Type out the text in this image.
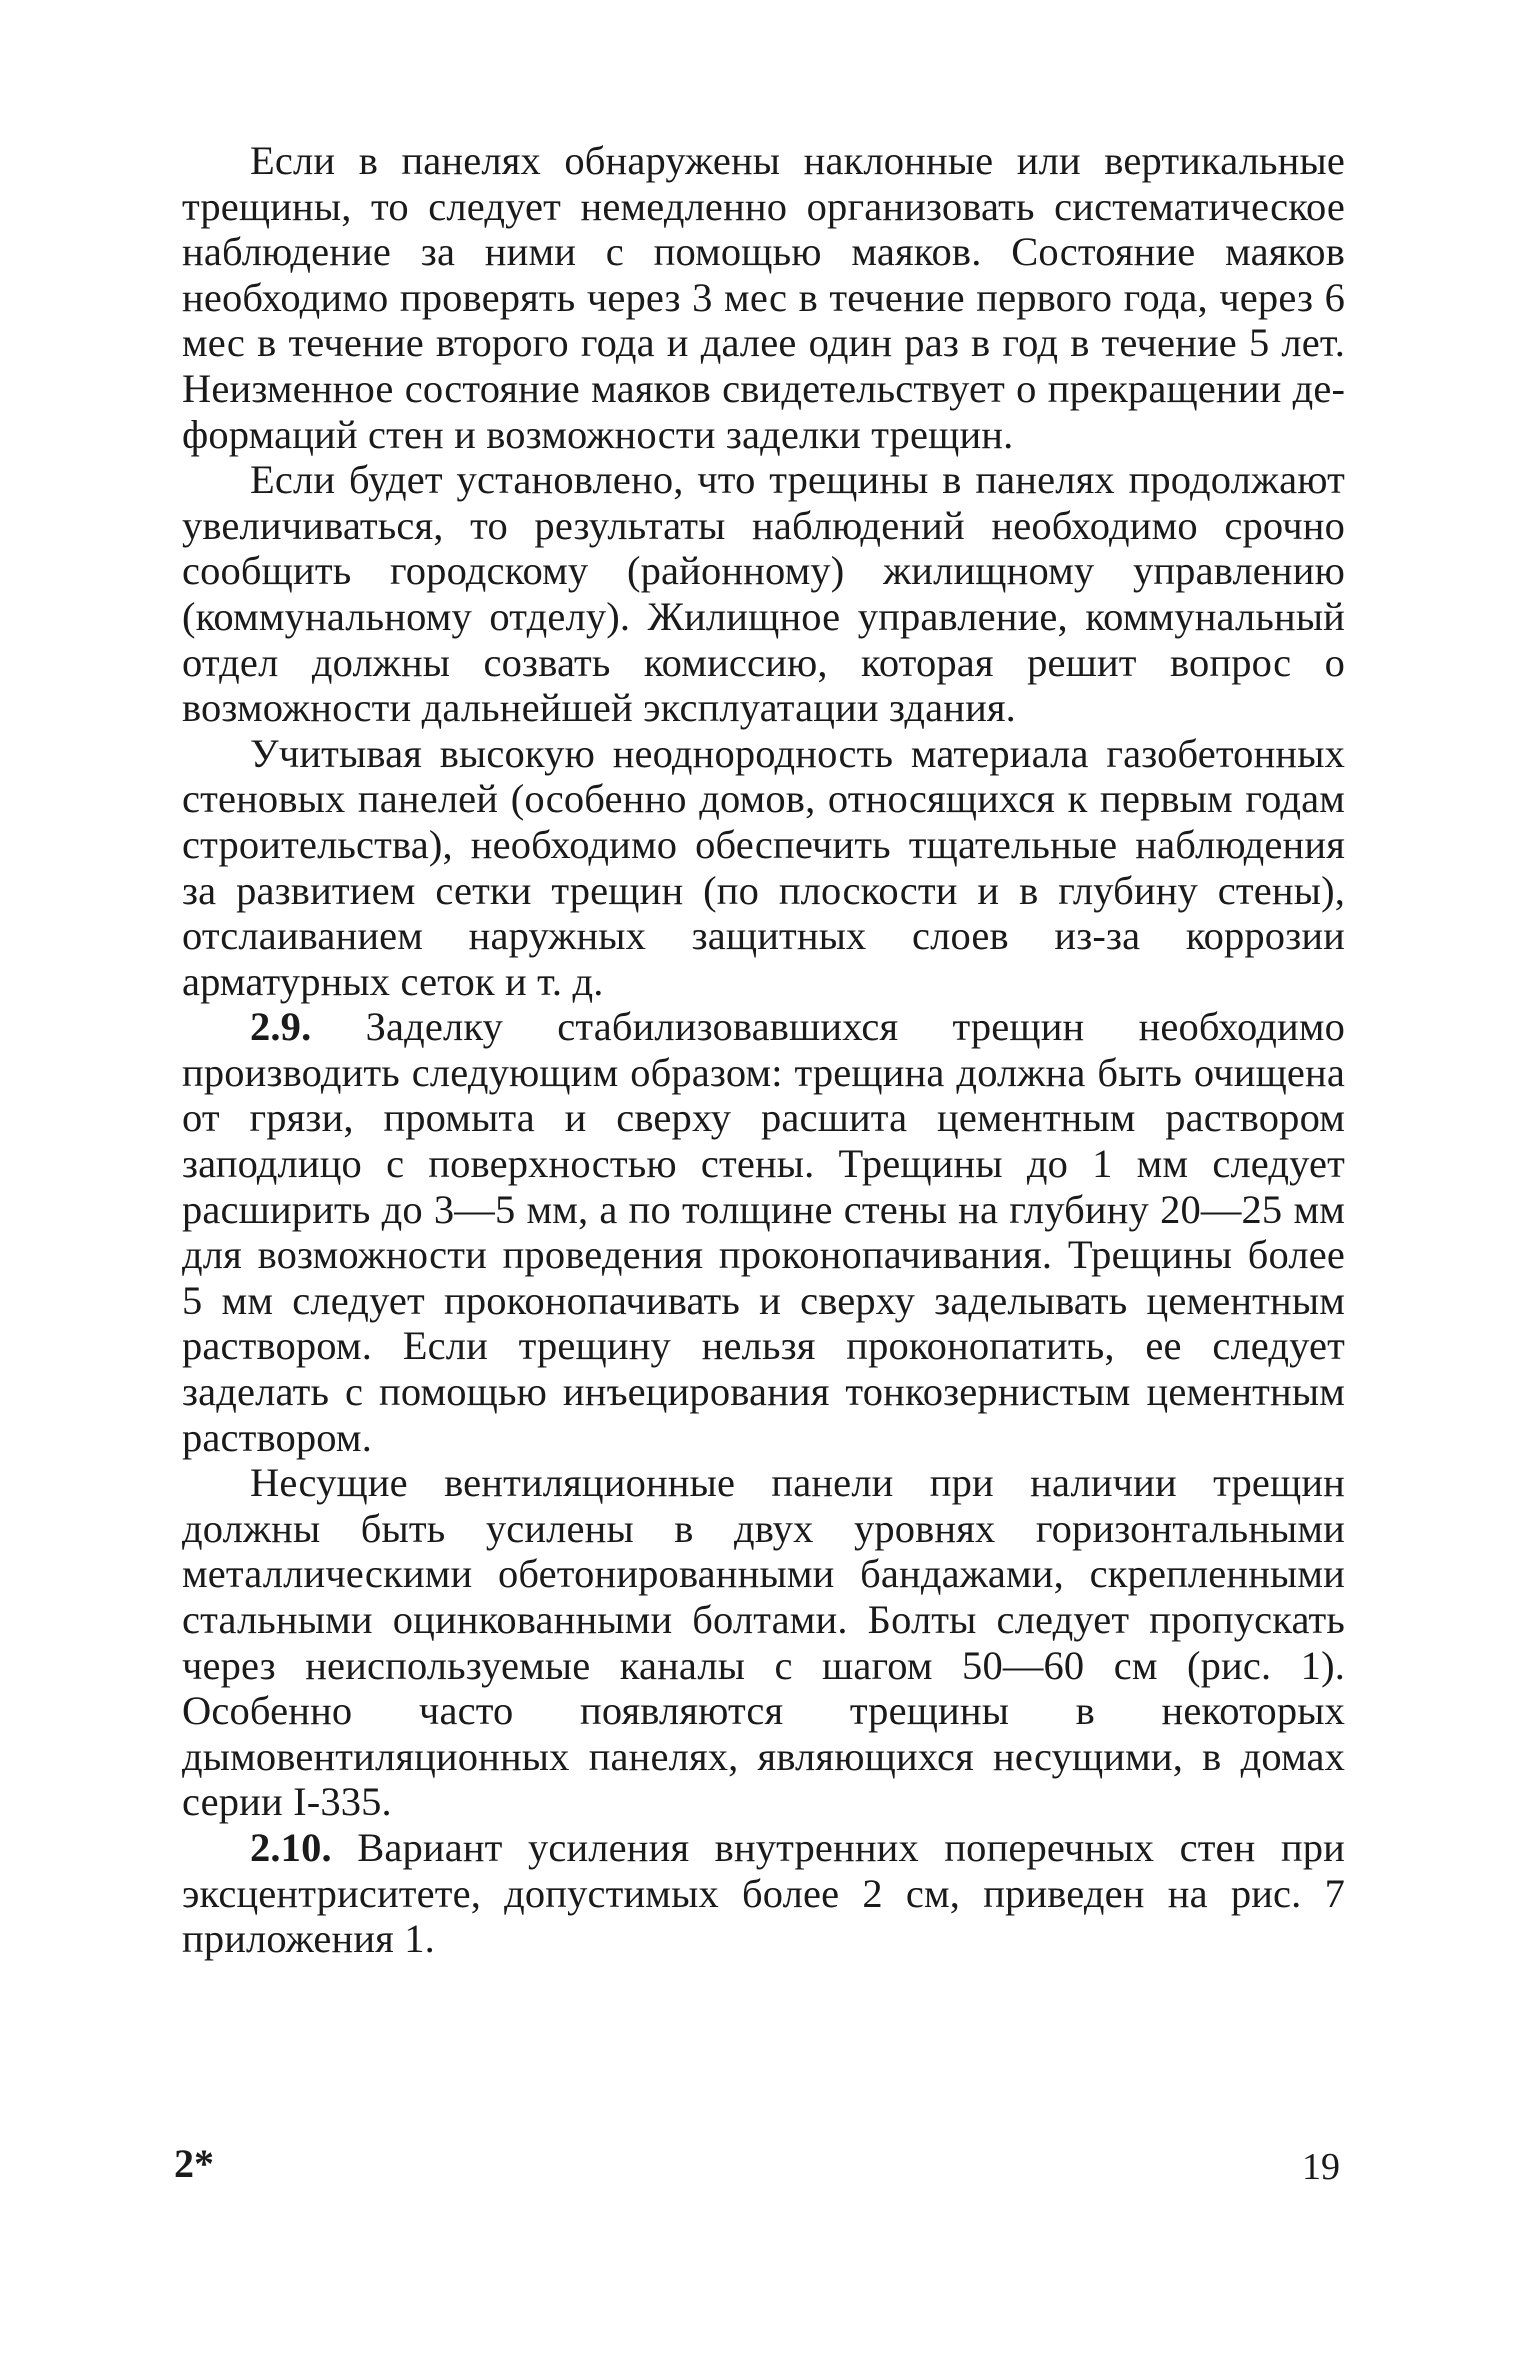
Если в панелях обнаружены наклонные или вертикальные трещины, то следует немедленно организовать систематическое наблюдение за ними с помощью маяков. Состояние маяков необходимо проверять через 3 мес в течение первого года, через 6 мес в течение второго года и далее один раз в год в течение 5 лет. Неизменное состояние маяков свидетельствует о прекращении деформаций стен и возможности заделки трещин.

Если будет установлено, что трещины в панелях продолжают увеличиваться, то результаты наблюдений необходимо срочно сообщить городскому (районному) жилищному управлению (коммунальному отделу). Жилищное управление, коммунальный отдел должны созвать комиссию, которая решит вопрос о возможности дальнейшей эксплуатации здания.

Учитывая высокую неоднородность материала газобетонных стеновых панелей (особенно домов, относящихся к первым годам строительства), необходимо обеспечить тщательные наблюдения за развитием сетки трещин (по плоскости и в глубину стены), отслаиванием наружных защитных слоев из-за коррозии арматурных сеток и т. д.

2.9. Заделку стабилизовавшихся трещин необходимо производить следующим образом: трещина должна быть очищена от грязи, промыта и сверху расшита цементным раствором заподлицо с поверхностью стены. Трещины до 1 мм следует расширить до 3—5 мм, а по толщине стены на глубину 20—25 мм для возможности проведения проконопачивания. Трещины более 5 мм следует проконопачивать и сверху заделывать цементным раствором. Если трещину нельзя проконопатить, ее следует заделать с помощью инъецирования тонкозернистым цементным раствором.

Несущие вентиляционные панели при наличии трещин должны быть усилены в двух уровнях горизонтальными металлическими обетонированными бандажами, скрепленными стальными оцинкованными болтами. Болты следует пропускать через неиспользуемые каналы с шагом 50—60 см (рис. 1). Особенно часто появляются трещины в некоторых дымовентиляционных панелях, являющихся несущими, в домах серии I-335.

2.10. Вариант усиления внутренних поперечных стен при эксцентриситете, допустимых более 2 см, приведен на рис. 7 приложения 1.

2*	19
